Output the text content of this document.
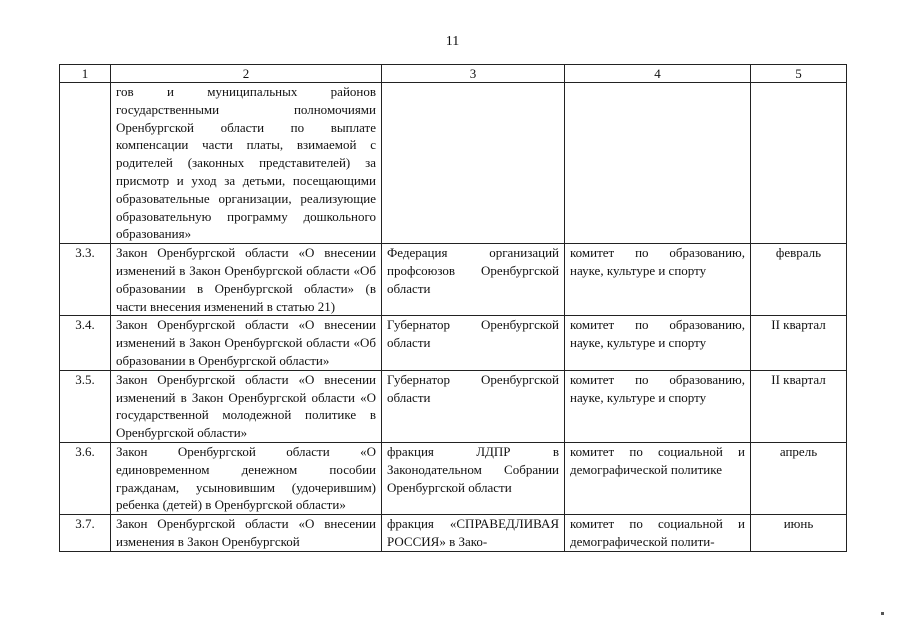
11
1	2	3	4	5
	гов и муниципальных районов государственными полномочиями Оренбургской области по выплате компенсации части платы, взимаемой с родителей (законных представителей) за присмотр и уход за детьми, посещающими образовательные организации, реализующие образовательную программу дошкольного образования»			
3.3.	Закон Оренбургской области «О внесении изменений в Закон Оренбургской области «Об образовании в Оренбургской области» (в части внесения изменений в статью 21)	Федерация организаций профсоюзов Оренбургской области	комитет по образованию, науке, культуре и спорту	февраль
3.4.	Закон Оренбургской области «О внесении изменений в Закон Оренбургской области «Об образовании в Оренбургской области»	Губернатор Оренбургской области	комитет по образованию, науке, культуре и спорту	II квартал
3.5.	Закон Оренбургской области «О внесении изменений в Закон Оренбургской области «О государственной молодежной политике в Оренбургской области»	Губернатор Оренбургской области	комитет по образованию, науке, культуре и спорту	II квартал
3.6.	Закон Оренбургской области «О единовременном денежном пособии гражданам, усыновившим (удочерившим) ребенка (детей) в Оренбургской области»	фракция ЛДПР в Законодательном Собрании Оренбургской области	комитет по социальной и демографической политике	апрель
3.7.	Закон Оренбургской области «О внесении изменения в Закон Оренбургской	фракция «СПРАВЕДЛИВАЯ РОССИЯ» в Зако-	комитет по социальной и демографической полити-	июнь
